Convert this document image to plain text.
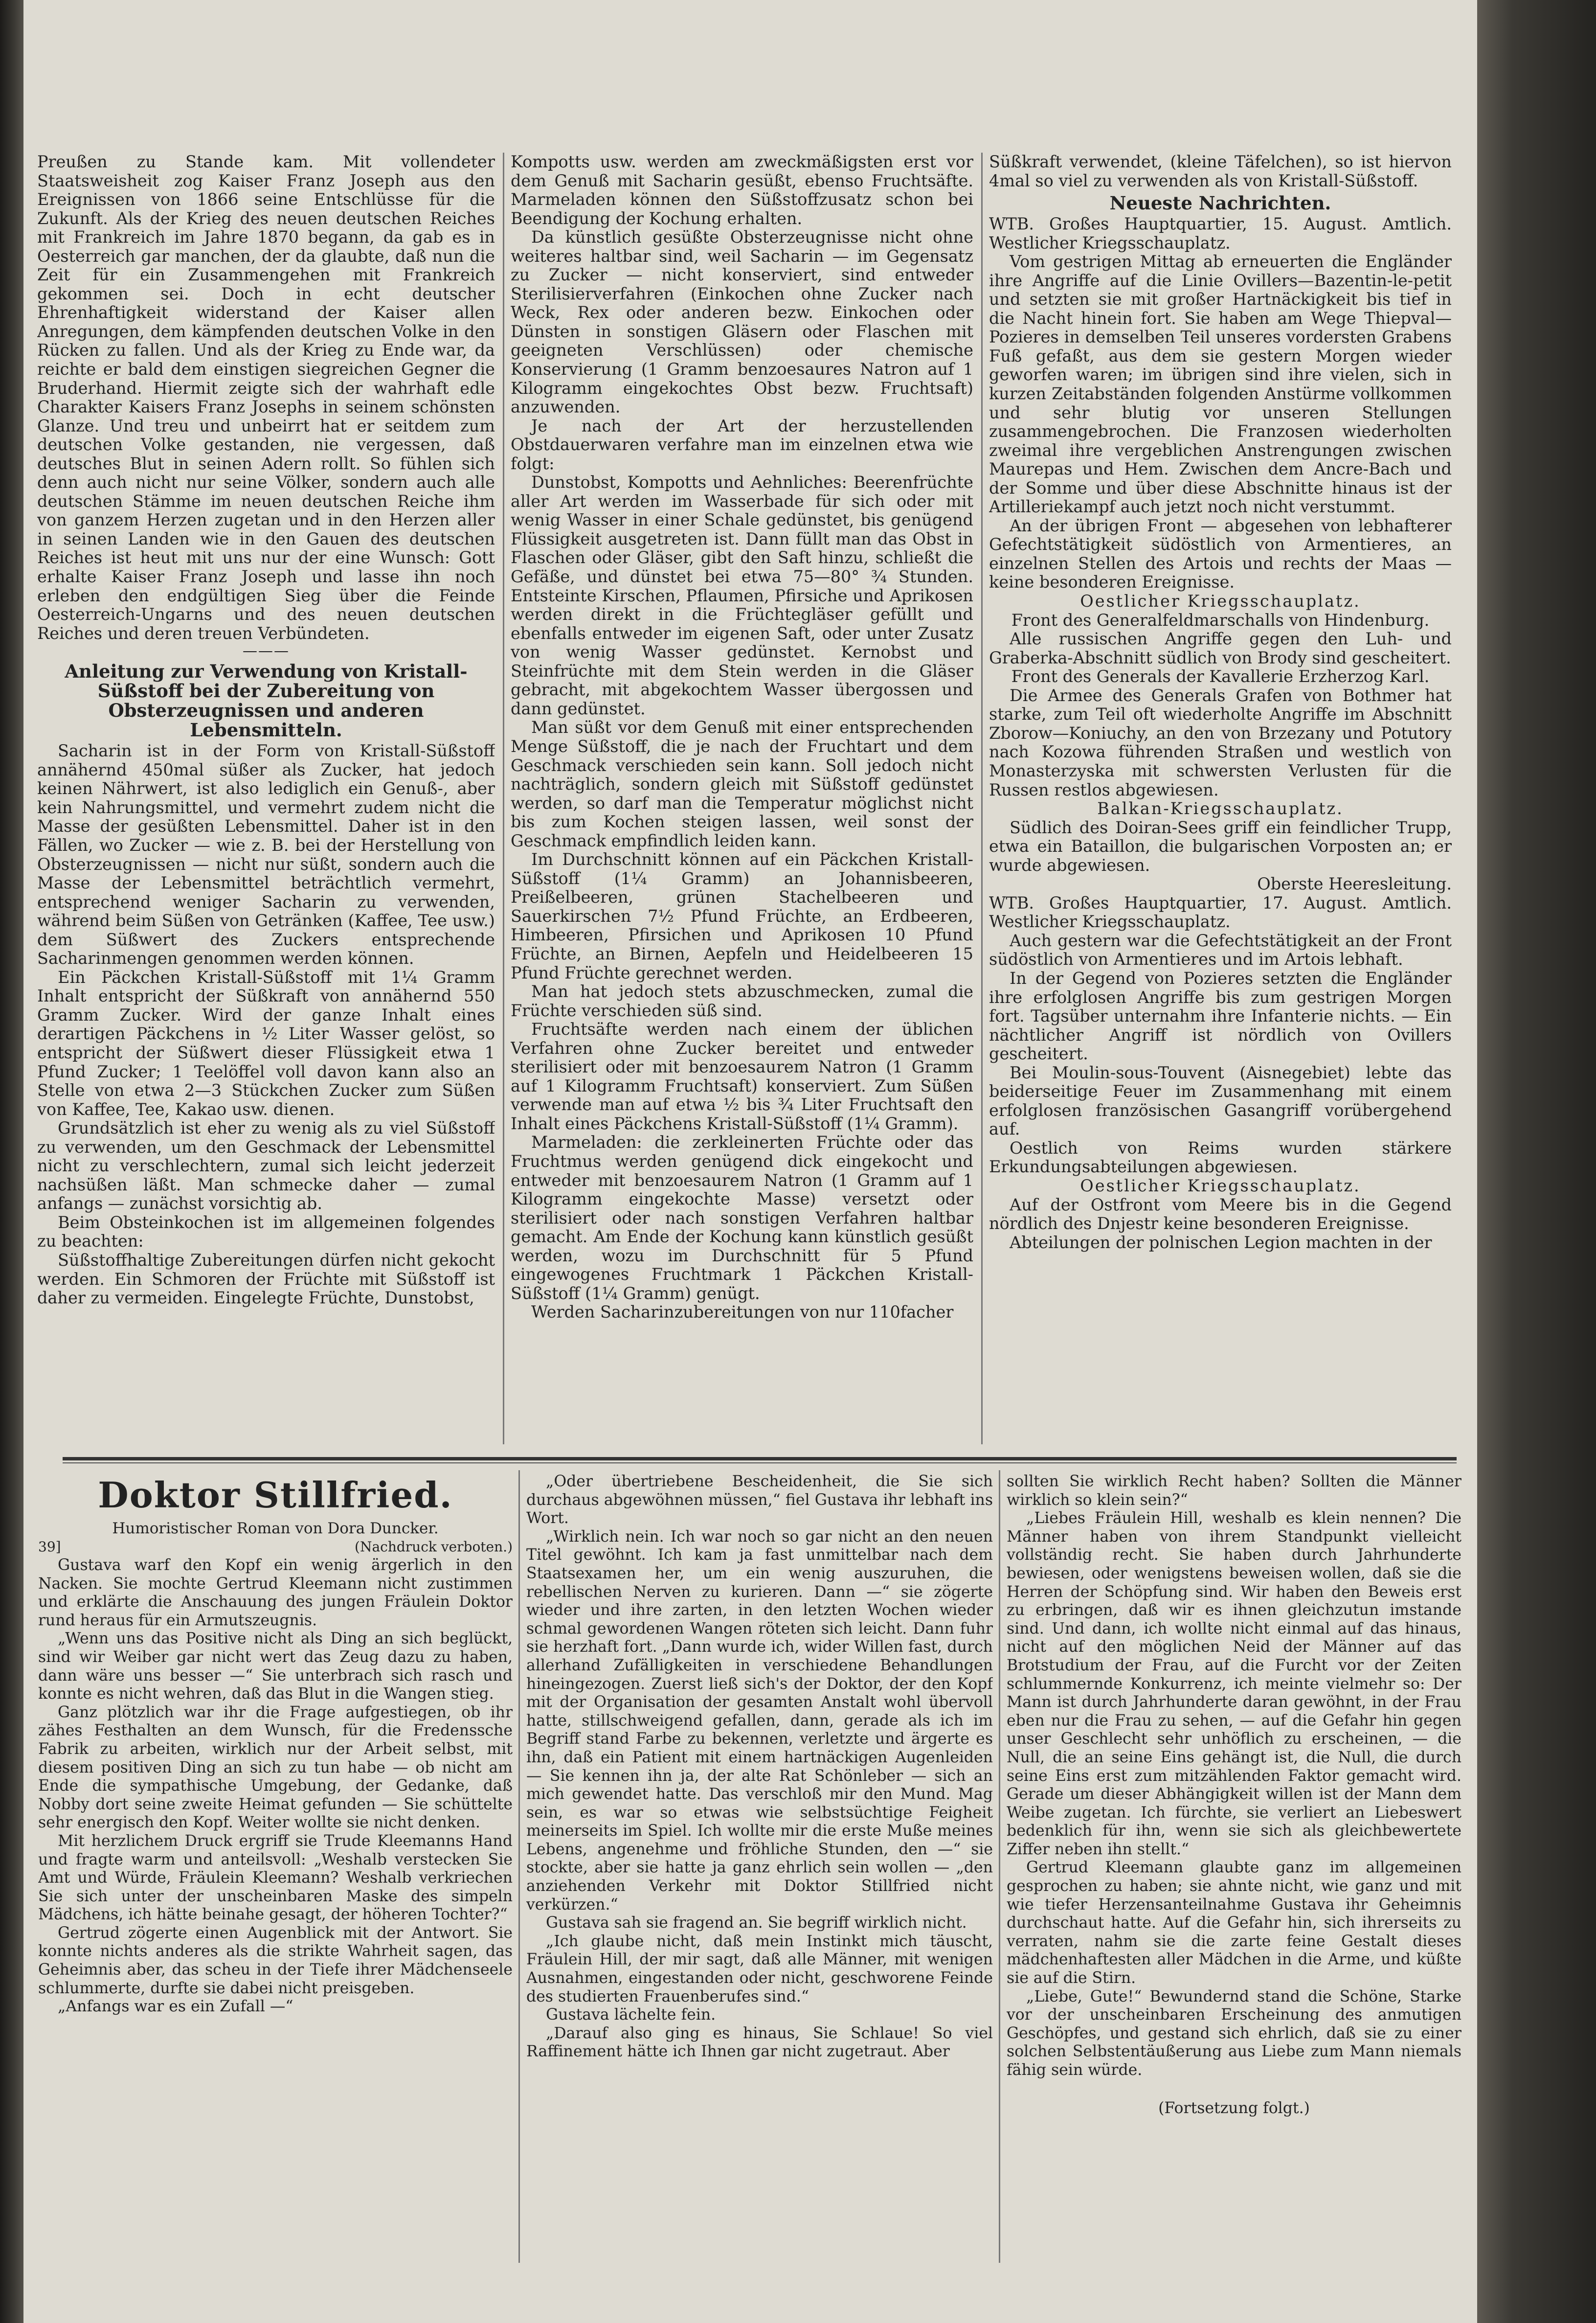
Preußen zu Stande kam. Mit vollendeter Staatsweisheit zog Kaiser Franz Joseph aus den Ereignissen von 1866 seine Entschlüsse für die Zukunft. Als der Krieg des neuen deutschen Reiches mit Frankreich im Jahre 1870 begann, da gab es in Oesterreich gar manchen, der da glaubte, daß nun die Zeit für ein Zusammengehen mit Frankreich gekommen sei. Doch in echt deutscher Ehrenhaftigkeit widerstand der Kaiser allen Anregungen, dem kämpfenden deutschen Volke in den Rücken zu fallen. Und als der Krieg zu Ende war, da reichte er bald dem einstigen siegreichen Gegner die Bruderhand. Hiermit zeigte sich der wahrhaft edle Charakter Kaisers Franz Josephs in seinem schönsten Glanze. Und treu und unbeirrt hat er seitdem zum deutschen Volke gestanden, nie vergessen, daß deutsches Blut in seinen Adern rollt. So fühlen sich denn auch nicht nur seine Völker, sondern auch alle deutschen Stämme im neuen deutschen Reiche ihm von ganzem Herzen zugetan und in den Herzen aller in seinen Landen wie in den Gauen des deutschen Reiches ist heut mit uns nur der eine Wunsch: Gott erhalte Kaiser Franz Joseph und lasse ihn noch erleben den endgültigen Sieg über die Feinde Oesterreich-Ungarns und des neuen deutschen Reiches und deren treuen Verbündeten.

———

Anleitung zur Verwendung von Kristall-Süßstoff bei der Zubereitung von Obsterzeugnissen und anderen Lebensmitteln.

Sacharin ist in der Form von Kristall-Süßstoff annähernd 450mal süßer als Zucker, hat jedoch keinen Nährwert, ist also lediglich ein Genuß-, aber kein Nahrungsmittel, und vermehrt zudem nicht die Masse der gesüßten Lebensmittel. Daher ist in den Fällen, wo Zucker — wie z. B. bei der Herstellung von Obsterzeugnissen — nicht nur süßt, sondern auch die Masse der Lebensmittel beträchtlich vermehrt, entsprechend weniger Sacharin zu verwenden, während beim Süßen von Getränken (Kaffee, Tee usw.) dem Süßwert des Zuckers entsprechende Sacharinmengen genommen werden können.

Ein Päckchen Kristall-Süßstoff mit 1¼ Gramm Inhalt entspricht der Süßkraft von annähernd 550 Gramm Zucker. Wird der ganze Inhalt eines derartigen Päckchens in ½ Liter Wasser gelöst, so entspricht der Süßwert dieser Flüssigkeit etwa 1 Pfund Zucker; 1 Teelöffel voll davon kann also an Stelle von etwa 2—3 Stückchen Zucker zum Süßen von Kaffee, Tee, Kakao usw. dienen.

Grundsätzlich ist eher zu wenig als zu viel Süßstoff zu verwenden, um den Geschmack der Lebensmittel nicht zu verschlechtern, zumal sich leicht jederzeit nachsüßen läßt. Man schmecke daher — zumal anfangs — zunächst vorsichtig ab.

Beim Obsteinkochen ist im allgemeinen folgendes zu beachten:

Süßstoffhaltige Zubereitungen dürfen nicht gekocht werden. Ein Schmoren der Früchte mit Süßstoff ist daher zu vermeiden. Eingelegte Früchte, Dunstobst,

Kompotts usw. werden am zweckmäßigsten erst vor dem Genuß mit Sacharin gesüßt, ebenso Fruchtsäfte. Marmeladen können den Süßstoffzusatz schon bei Beendigung der Kochung erhalten.

Da künstlich gesüßte Obsterzeugnisse nicht ohne weiteres haltbar sind, weil Sacharin — im Gegensatz zu Zucker — nicht konserviert, sind entweder Sterilisierverfahren (Einkochen ohne Zucker nach Weck, Rex oder anderen bezw. Einkochen oder Dünsten in sonstigen Gläsern oder Flaschen mit geeigneten Verschlüssen) oder chemische Konservierung (1 Gramm benzoesaures Natron auf 1 Kilogramm eingekochtes Obst bezw. Fruchtsaft) anzuwenden.

Je nach der Art der herzustellenden Obstdauerwaren verfahre man im einzelnen etwa wie folgt:

Dunstobst, Kompotts und Aehnliches: Beerenfrüchte aller Art werden im Wasserbade für sich oder mit wenig Wasser in einer Schale gedünstet, bis genügend Flüssigkeit ausgetreten ist. Dann füllt man das Obst in Flaschen oder Gläser, gibt den Saft hinzu, schließt die Gefäße, und dünstet bei etwa 75—80° ¾ Stunden. Entsteinte Kirschen, Pflaumen, Pfirsiche und Aprikosen werden direkt in die Früchtegläser gefüllt und ebenfalls entweder im eigenen Saft, oder unter Zusatz von wenig Wasser gedünstet. Kernobst und Steinfrüchte mit dem Stein werden in die Gläser gebracht, mit abgekochtem Wasser übergossen und dann gedünstet.

Man süßt vor dem Genuß mit einer entsprechenden Menge Süßstoff, die je nach der Fruchtart und dem Geschmack verschieden sein kann. Soll jedoch nicht nachträglich, sondern gleich mit Süßstoff gedünstet werden, so darf man die Temperatur möglichst nicht bis zum Kochen steigen lassen, weil sonst der Geschmack empfindlich leiden kann.

Im Durchschnitt können auf ein Päckchen Kristall-Süßstoff (1¼ Gramm) an Johannisbeeren, Preißelbeeren, grünen Stachelbeeren und Sauerkirschen 7½ Pfund Früchte, an Erdbeeren, Himbeeren, Pfirsichen und Aprikosen 10 Pfund Früchte, an Birnen, Aepfeln und Heidelbeeren 15 Pfund Früchte gerechnet werden.

Man hat jedoch stets abzuschmecken, zumal die Früchte verschieden süß sind.

Fruchtsäfte werden nach einem der üblichen Verfahren ohne Zucker bereitet und entweder sterilisiert oder mit benzoesaurem Natron (1 Gramm auf 1 Kilogramm Fruchtsaft) konserviert. Zum Süßen verwende man auf etwa ½ bis ¾ Liter Fruchtsaft den Inhalt eines Päckchens Kristall-Süßstoff (1¼ Gramm).

Marmeladen: die zerkleinerten Früchte oder das Fruchtmus werden genügend dick eingekocht und entweder mit benzoesaurem Natron (1 Gramm auf 1 Kilogramm eingekochte Masse) versetzt oder sterilisiert oder nach sonstigen Verfahren haltbar gemacht. Am Ende der Kochung kann künstlich gesüßt werden, wozu im Durchschnitt für 5 Pfund eingewogenes Fruchtmark 1 Päckchen Kristall-Süßstoff (1¼ Gramm) genügt.

Werden Sacharinzubereitungen von nur 110facher

Süßkraft verwendet, (kleine Täfelchen), so ist hiervon 4mal so viel zu verwenden als von Kristall-Süßstoff.

Neueste Nachrichten.

WTB. Großes Hauptquartier, 15. August. Amtlich. Westlicher Kriegsschauplatz.

Vom gestrigen Mittag ab erneuerten die Engländer ihre Angriffe auf die Linie Ovillers—Bazentin-le-petit und setzten sie mit großer Hartnäckigkeit bis tief in die Nacht hinein fort. Sie haben am Wege Thiepval—Pozieres in demselben Teil unseres vordersten Grabens Fuß gefaßt, aus dem sie gestern Morgen wieder geworfen waren; im übrigen sind ihre vielen, sich in kurzen Zeitabständen folgenden Anstürme vollkommen und sehr blutig vor unseren Stellungen zusammengebrochen. Die Franzosen wiederholten zweimal ihre vergeblichen Anstrengungen zwischen Maurepas und Hem. Zwischen dem Ancre-Bach und der Somme und über diese Abschnitte hinaus ist der Artilleriekampf auch jetzt noch nicht verstummt.

An der übrigen Front — abgesehen von lebhafterer Gefechtstätigkeit südöstlich von Armentieres, an einzelnen Stellen des Artois und rechts der Maas — keine besonderen Ereignisse.

Oestlicher Kriegsschauplatz.

Front des Generalfeldmarschalls von Hindenburg.

Alle russischen Angriffe gegen den Luh- und Graberka-Abschnitt südlich von Brody sind gescheitert.

Front des Generals der Kavallerie Erzherzog Karl.

Die Armee des Generals Grafen von Bothmer hat starke, zum Teil oft wiederholte Angriffe im Abschnitt Zborow—Koniuchy, an den von Brzezany und Potutory nach Kozowa führenden Straßen und westlich von Monasterzyska mit schwersten Verlusten für die Russen restlos abgewiesen.

Balkan-Kriegsschauplatz.

Südlich des Doiran-Sees griff ein feindlicher Trupp, etwa ein Bataillon, die bulgarischen Vorposten an; er wurde abgewiesen.

Oberste Heeresleitung.

WTB. Großes Hauptquartier, 17. August. Amtlich. Westlicher Kriegsschauplatz.

Auch gestern war die Gefechtstätigkeit an der Front südöstlich von Armentieres und im Artois lebhaft.

In der Gegend von Pozieres setzten die Engländer ihre erfolglosen Angriffe bis zum gestrigen Morgen fort. Tagsüber unternahm ihre Infanterie nichts. — Ein nächtlicher Angriff ist nördlich von Ovillers gescheitert.

Bei Moulin-sous-Touvent (Aisnegebiet) lebte das beiderseitige Feuer im Zusammenhang mit einem erfolglosen französischen Gasangriff vorübergehend auf.

Oestlich von Reims wurden stärkere Erkundungsabteilungen abgewiesen.

Oestlicher Kriegsschauplatz.

Auf der Ostfront vom Meere bis in die Gegend nördlich des Dnjestr keine besonderen Ereignisse.

Abteilungen der polnischen Legion machten in der

Doktor Stillfried.

Humoristischer Roman von Dora Duncker.

39]	(Nachdruck verboten.)

Gustava warf den Kopf ein wenig ärgerlich in den Nacken. Sie mochte Gertrud Kleemann nicht zustimmen und erklärte die Anschauung des jungen Fräulein Doktor rund heraus für ein Armutszeugnis.

„Wenn uns das Positive nicht als Ding an sich beglückt, sind wir Weiber gar nicht wert das Zeug dazu zu haben, dann wäre uns besser —“ Sie unterbrach sich rasch und konnte es nicht wehren, daß das Blut in die Wangen stieg.

Ganz plötzlich war ihr die Frage aufgestiegen, ob ihr zähes Festhalten an dem Wunsch, für die Fredenssche Fabrik zu arbeiten, wirklich nur der Arbeit selbst, mit diesem positiven Ding an sich zu tun habe — ob nicht am Ende die sympathische Umgebung, der Gedanke, daß Nobby dort seine zweite Heimat gefunden — Sie schüttelte sehr energisch den Kopf. Weiter wollte sie nicht denken.

Mit herzlichem Druck ergriff sie Trude Kleemanns Hand und fragte warm und anteilsvoll: „Weshalb verstecken Sie Amt und Würde, Fräulein Kleemann? Weshalb verkriechen Sie sich unter der unscheinbaren Maske des simpeln Mädchens, ich hätte beinahe gesagt, der höheren Tochter?“

Gertrud zögerte einen Augenblick mit der Antwort. Sie konnte nichts anderes als die strikte Wahrheit sagen, das Geheimnis aber, das scheu in der Tiefe ihrer Mädchenseele schlummerte, durfte sie dabei nicht preisgeben.

„Anfangs war es ein Zufall —“

„Oder übertriebene Bescheidenheit, die Sie sich durchaus abgewöhnen müssen,“ fiel Gustava ihr lebhaft ins Wort.

„Wirklich nein. Ich war noch so gar nicht an den neuen Titel gewöhnt. Ich kam ja fast unmittelbar nach dem Staatsexamen her, um ein wenig auszuruhen, die rebellischen Nerven zu kurieren. Dann —“ sie zögerte wieder und ihre zarten, in den letzten Wochen wieder schmal gewordenen Wangen röteten sich leicht. Dann fuhr sie herzhaft fort. „Dann wurde ich, wider Willen fast, durch allerhand Zufälligkeiten in verschiedene Behandlungen hineingezogen. Zuerst ließ sich's der Doktor, der den Kopf mit der Organisation der gesamten Anstalt wohl übervoll hatte, stillschweigend gefallen, dann, gerade als ich im Begriff stand Farbe zu bekennen, verletzte und ärgerte es ihn, daß ein Patient mit einem hartnäckigen Augenleiden — Sie kennen ihn ja, der alte Rat Schönleber — sich an mich gewendet hatte. Das verschloß mir den Mund. Mag sein, es war so etwas wie selbstsüchtige Feigheit meinerseits im Spiel. Ich wollte mir die erste Muße meines Lebens, angenehme und fröhliche Stunden, den —“ sie stockte, aber sie hatte ja ganz ehrlich sein wollen — „den anziehenden Verkehr mit Doktor Stillfried nicht verkürzen.“

Gustava sah sie fragend an. Sie begriff wirklich nicht.

„Ich glaube nicht, daß mein Instinkt mich täuscht, Fräulein Hill, der mir sagt, daß alle Männer, mit wenigen Ausnahmen, eingestanden oder nicht, geschworene Feinde des studierten Frauenberufes sind.“

Gustava lächelte fein.

„Darauf also ging es hinaus, Sie Schlaue! So viel Raffinement hätte ich Ihnen gar nicht zugetraut. Aber

sollten Sie wirklich Recht haben? Sollten die Männer wirklich so klein sein?“

„Liebes Fräulein Hill, weshalb es klein nennen? Die Männer haben von ihrem Standpunkt vielleicht vollständig recht. Sie haben durch Jahrhunderte bewiesen, oder wenigstens beweisen wollen, daß sie die Herren der Schöpfung sind. Wir haben den Beweis erst zu erbringen, daß wir es ihnen gleichzutun imstande sind. Und dann, ich wollte nicht einmal auf das hinaus, nicht auf den möglichen Neid der Männer auf das Brotstudium der Frau, auf die Furcht vor der Zeiten schlummernde Konkurrenz, ich meinte vielmehr so: Der Mann ist durch Jahrhunderte daran gewöhnt, in der Frau eben nur die Frau zu sehen, — auf die Gefahr hin gegen unser Geschlecht sehr unhöflich zu erscheinen, — die Null, die an seine Eins gehängt ist, die Null, die durch seine Eins erst zum mitzählenden Faktor gemacht wird. Gerade um dieser Abhängigkeit willen ist der Mann dem Weibe zugetan. Ich fürchte, sie verliert an Liebeswert bedenklich für ihn, wenn sie sich als gleichbewertete Ziffer neben ihn stellt.“

Gertrud Kleemann glaubte ganz im allgemeinen gesprochen zu haben; sie ahnte nicht, wie ganz und mit wie tiefer Herzensanteilnahme Gustava ihr Geheimnis durchschaut hatte. Auf die Gefahr hin, sich ihrerseits zu verraten, nahm sie die zarte feine Gestalt dieses mädchenhaftesten aller Mädchen in die Arme, und küßte sie auf die Stirn.

„Liebe, Gute!“ Bewundernd stand die Schöne, Starke vor der unscheinbaren Erscheinung des anmutigen Geschöpfes, und gestand sich ehrlich, daß sie zu einer solchen Selbstentäußerung aus Liebe zum Mann niemals fähig sein würde.

(Fortsetzung folgt.)
